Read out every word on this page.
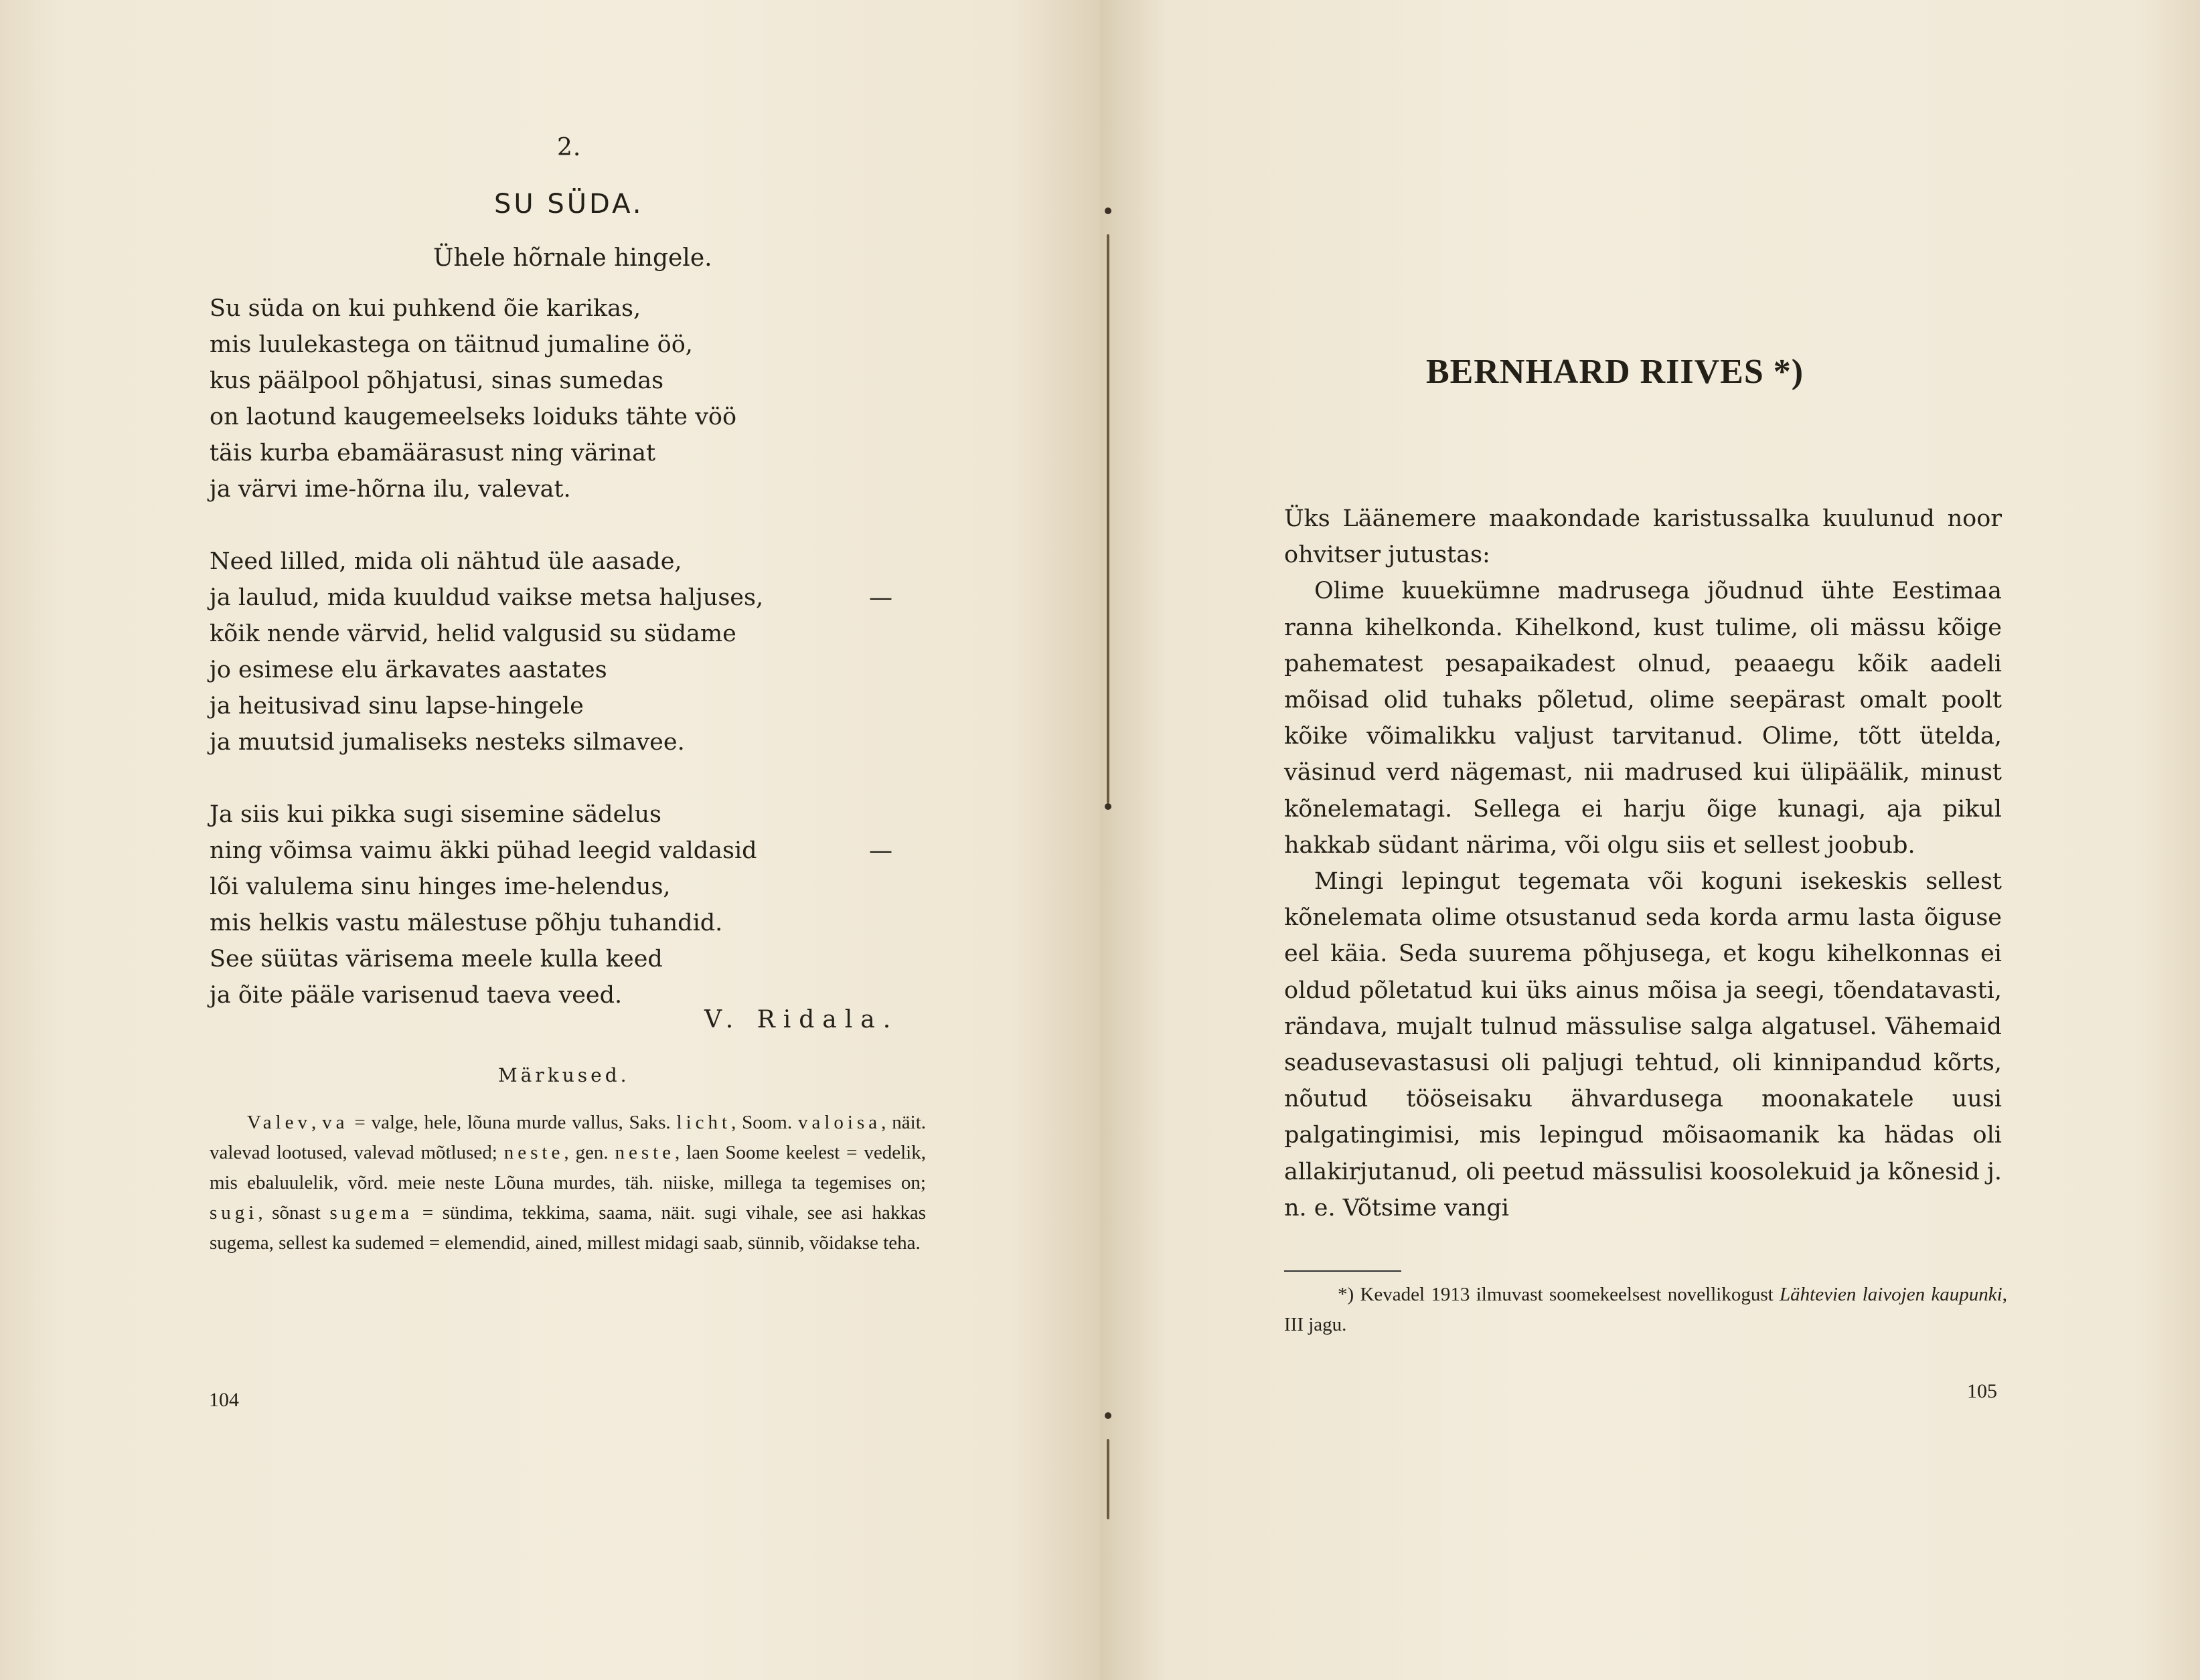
2.
SU SÜDA.
Ühele hõrnale hingele.
Su süda on kui puhkend õie karikas,
mis luulekastega on täitnud jumaline öö,
kus päälpool põhjatusi, sinas sumedas
on laotund kaugemeelseks loiduks tähte vöö
täis kurba ebamäärasust ning värinat
ja värvi ime-hõrna ilu, valevat.
Need lilled, mida oli nähtud üle aasade,
ja laulud, mida kuuldud vaikse metsa haljuses,	—
kõik nende värvid, helid valgusid su südame
jo esimese elu ärkavates aastates
ja heitusivad sinu lapse-hingele
ja muutsid jumaliseks nesteks silmavee.
Ja siis kui pikka sugi sisemine sädelus
ning võimsa vaimu äkki pühad leegid valdasid	—
lõi valulema sinu hinges ime-helendus,
mis helkis vastu mälestuse põhju tuhandid.
See süütas värisema meele kulla keed
ja õite pääle varisenud taeva veed.
V. Ridala.
Märkused.

Valev, va = valge, hele, lõuna murde vallus, Saks. licht, Soom. valoisa, näit. valevad lootused, valevad mõtlused; neste, gen. neste, laen Soome keelest = vedelik, mis ebaluulelik, võrd. meie neste Lõuna murdes, täh. niiske, millega ta tegemises on; sugi, sõnast sugema = sündima, tekkima, saama, näit. sugi vihale, see asi hakkas sugema, sellest ka sudemed = elemendid, ained, millest midagi saab, sünnib, võidakse teha.

104
BERNHARD RIIVES *)

Üks Läänemere maakondade karistussalka kuulunud noor ohvitser jutustas:

Olime kuuekümne madrusega jõudnud ühte Eestimaa ranna kihelkonda. Kihelkond, kust tulime, oli mässu kõige pahematest pesapaikadest olnud, peaaegu kõik aadeli mõisad olid tuhaks põletud, olime seepärast omalt poolt kõike võimalikku valjust tarvitanud. Olime, tõtt ütelda, väsinud verd nägemast, nii madrused kui ülipäälik, minust kõnelematagi. Sellega ei harju õige kunagi, aja pikul hakkab südant närima, või olgu siis et sellest joobub.

Mingi lepingut tegemata või koguni isekeskis sellest kõnelemata olime otsustanud seda korda armu lasta õiguse eel käia. Seda suurema põhjusega, et kogu kihelkonnas ei oldud põletatud kui üks ainus mõisa ja seegi, tõendatavasti, rändava, mujalt tulnud mässulise salga algatusel. Vähemaid seadusevastasusi oli paljugi tehtud, oli kinnipandud kõrts, nõutud tööseisaku ähvardusega moonakatele uusi palgatingimisi, mis lepingud mõisaomanik ka hädas oli allakirjutanud, oli peetud mässulisi koosolekuid ja kõnesid j. n. e. Võtsime vangi

*) Kevadel 1913 ilmuvast soomekeelsest novellikogust Lähtevien laivojen kaupunki, III jagu.

105
